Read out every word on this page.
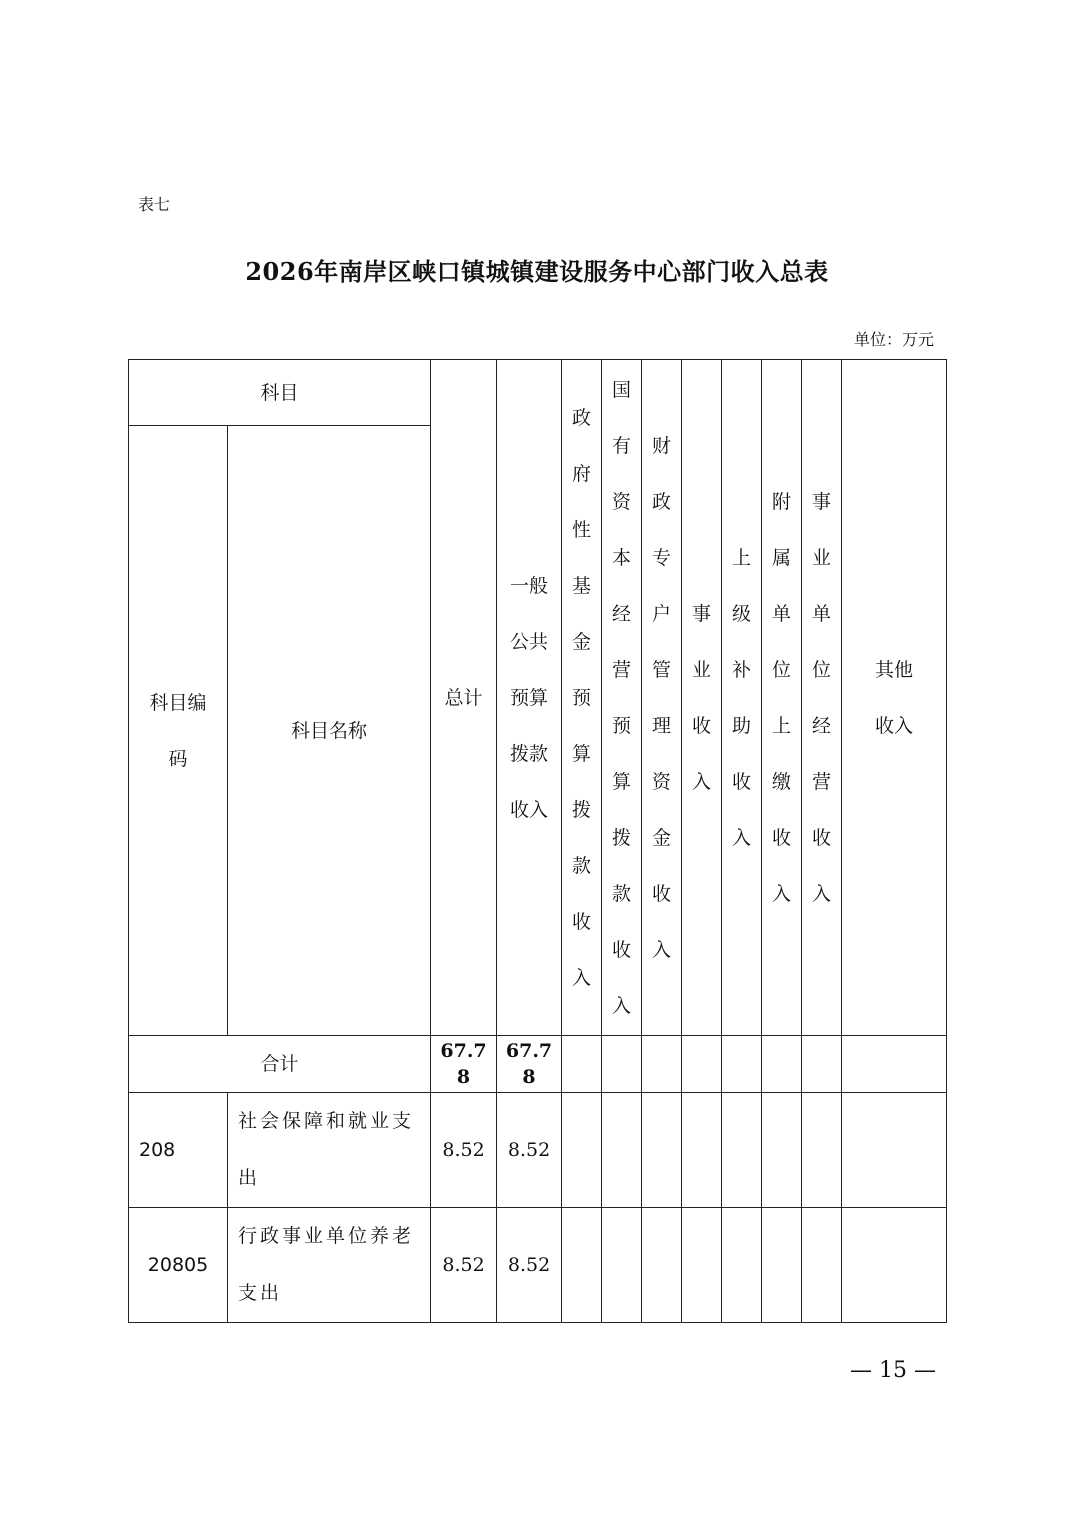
表七
2026年南岸区峡口镇城镇建设服务中心部门收入总表
单位：万元
科目		总计	一般公共预算拨款收入	政府性基金预算拨款收入	国有资本经营预算拨款收入	财政专户管理资金收入	事业收入	上级补助收入	附属单位上缴收入	事业单位经营收入	其他收入
科目编码	科目名称										
合计		67.78	67.78								
208	社会保障和就业支出	8.52	8.52								
20805	行政事业单位养老支出	8.52	8.52								
— 15 —
